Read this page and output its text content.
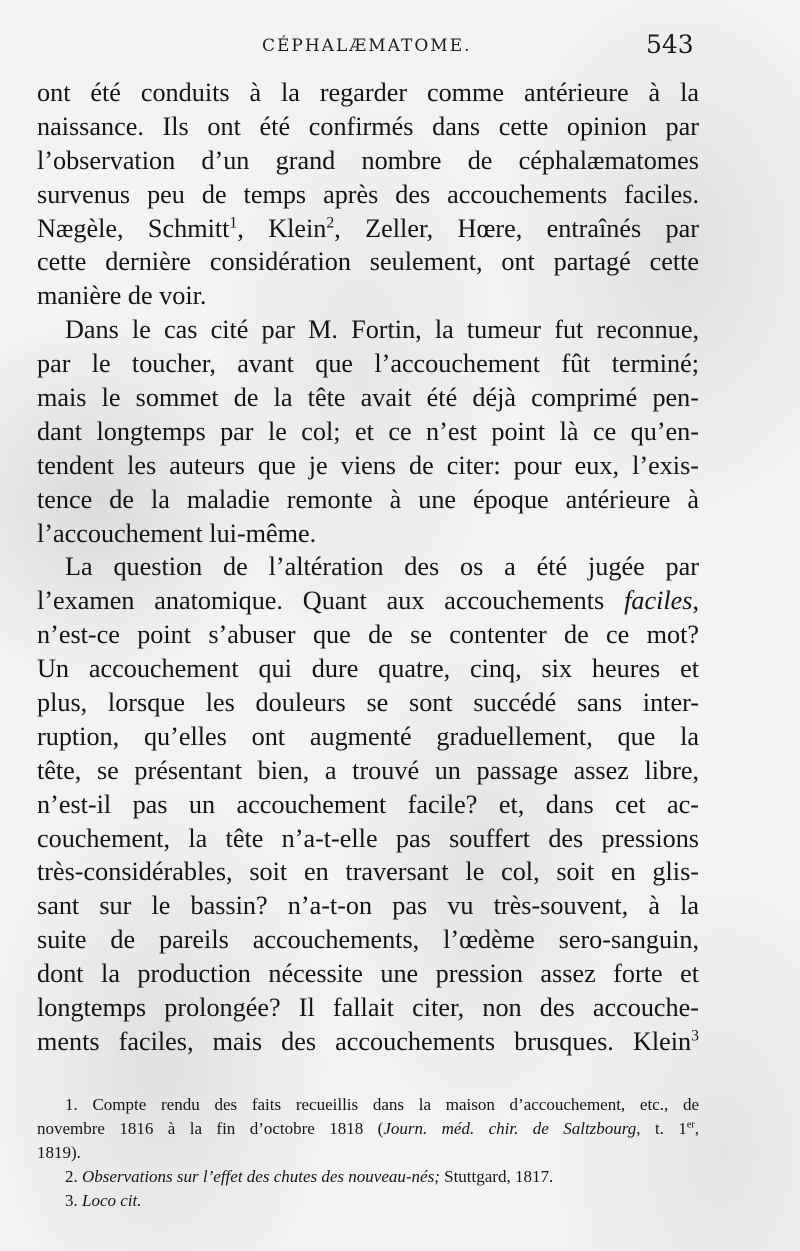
CÉPHALÆMATOME.	543
ont été conduits à la regarder comme antérieure à la
naissance. Ils ont été confirmés dans cette opinion par
l’observation d’un grand nombre de céphalæmatomes
survenus peu de temps après des accouchements faciles.
Nægèle, Schmitt$^1$, Klein$^2$, Zeller, Hœre, entraînés par
cette dernière considération seulement, ont partagé cette
manière de voir.
Dans le cas cité par M. Fortin, la tumeur fut reconnue,
par le toucher, avant que l’accouchement fût terminé;
mais le sommet de la tête avait été déjà comprimé pen-
dant longtemps par le col; et ce n’est point là ce qu’en-
tendent les auteurs que je viens de citer: pour eux, l’exis-
tence de la maladie remonte à une époque antérieure à
l’accouchement lui-même.
La question de l’altération des os a été jugée par
l’examen anatomique. Quant aux accouchements faciles,
n’est-ce point s’abuser que de se contenter de ce mot?
Un accouchement qui dure quatre, cinq, six heures et
plus, lorsque les douleurs se sont succédé sans inter-
ruption, qu’elles ont augmenté graduellement, que la
tête, se présentant bien, a trouvé un passage assez libre,
n’est-il pas un accouchement facile? et, dans cet ac-
couchement, la tête n’a-t-elle pas souffert des pressions
très-considérables, soit en traversant le col, soit en glis-
sant sur le bassin? n’a-t-on pas vu très-souvent, à la
suite de pareils accouchements, l’œdème sero-sanguin,
dont la production nécessite une pression assez forte et
longtemps prolongée? Il fallait citer, non des accouche-
ments faciles, mais des accouchements brusques. Klein$^3$
1. Compte rendu des faits recueillis dans la maison d’accouchement, etc., de
novembre 1816 à la fin d’octobre 1818 (Journ. méd. chir. de Saltzbourg, t. 1er,
1819).
2. Observations sur l’effet des chutes des nouveau-nés; Stuttgard, 1817.
3. Loco cit.
